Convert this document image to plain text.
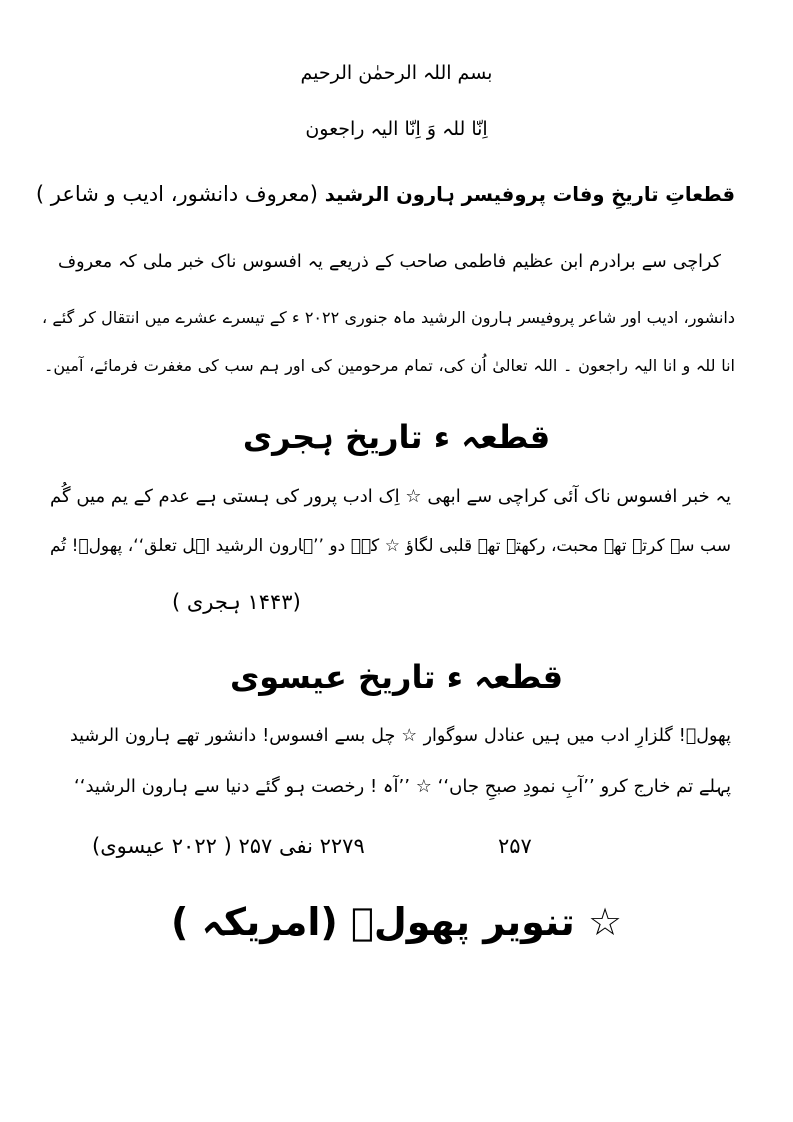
بسم اللہ الرحمٰن الرحیم
اِنّا للہ وَ اِنّا الیہ راجعون
قطعاتِ تاریخِ وفات پروفیسر ہارون الرشید (معروف دانشور، ادیب و شاعر )
کراچی سے برادرم ابن عظیم فاطمی صاحب کے ذریعے یہ افسوس ناک خبر ملی کہ معروف
دانشور، ادیب اور شاعر پروفیسر ہارون الرشید ماہ جنوری ۲۰۲۲ ء کے تیسرے عشرے میں انتقال کر گئے ،
انا للہ و انا الیہ راجعون ۔ اللہ تعالیٰ اُن کی، تمام مرحومین کی اور ہم سب کی مغفرت فرمائے، آمین۔
قطعہ ء تاریخ ہجری
یہ خبر افسوس ناک آئی کراچی سے ابھی ☆ اِک ادب پرور کی ہستی ہے عدم کے یم میں گُم
سب سے کرتے تھے محبت، رکھتے تھے قلبی لگاؤ ☆ کہہ دو ’’ہارون الرشید اہل تعلق‘‘، پھولؔ! تُم
(۱۴۴۳ ہجری )
قطعہ ء تاریخ عیسوی
پھولؔ! گلزارِ ادب میں ہیں عنادل سوگوار ☆ چل بسے افسوس! دانشور تھے ہارون الرشید
پہلے تم خارج کرو ’’آبِ نمودِ صبحِ جاں‘‘ ☆ ’’آہ ! رخصت ہو گئے دنیا سے ہارون الرشید‘‘
۲۵۷
۲۲۷۹ نفی ۲۵۷ ( ۲۰۲۲ عیسوی)
☆ تنویر پھولؔ (امریکہ )
